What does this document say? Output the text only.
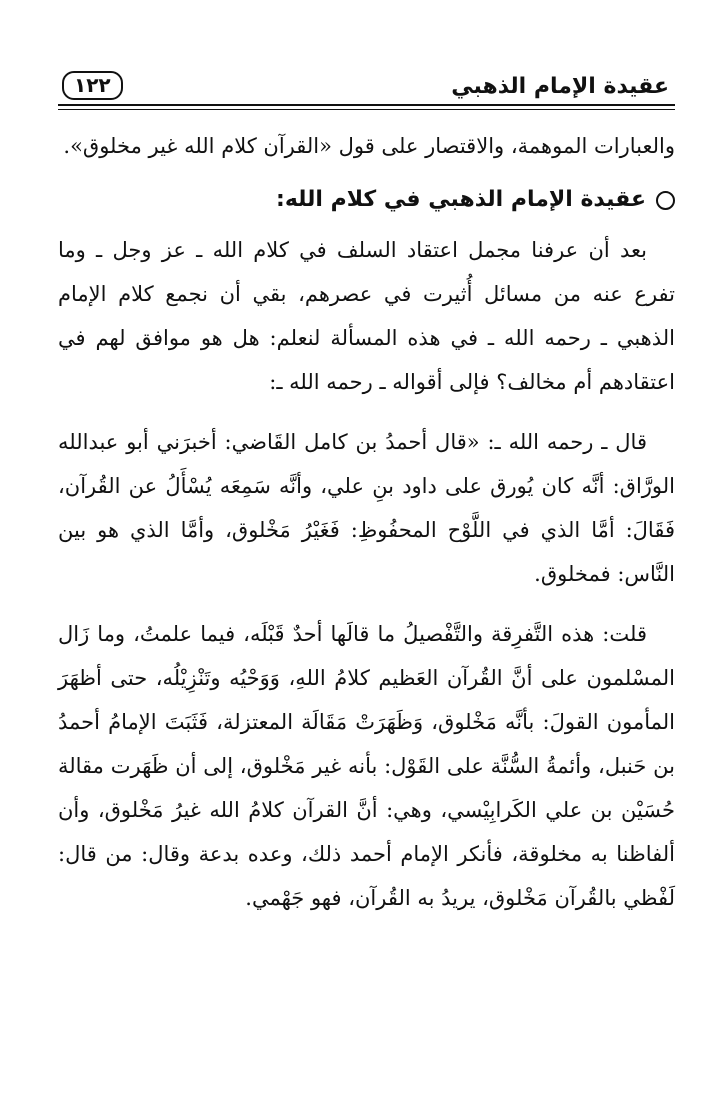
عقيدة الإمام الذهبي
١٢٢

والعبارات الموهمة، والاقتصار على قول «القرآن كلام الله غير مخلوق».

عقيدة الإمام الذهبي في كلام الله:

بعد أن عرفنا مجمل اعتقاد السلف في كلام الله ـ عز وجل ـ وما تفرع عنه من مسائل أُثيرت في عصرهم، بقي أن نجمع كلام الإمام الذهبي ـ رحمه الله ـ في هذه المسألة لنعلم: هل هو موافق لهم في اعتقادهم أم مخالف؟ فإلى أقواله ـ رحمه الله ـ:

قال ـ رحمه الله ـ: «قال أحمدُ بن كامل القَاضي: أخبرَني أبو عبدالله الورَّاق: أنَّه كان يُورق على داود بنِ علي، وأنَّه سَمِعَه يُسْأَلُ عن القُرآن، فَقَالَ: أمَّا الذي في اللَّوْح المحفُوظِ: فَغَيْرُ مَخْلوق، وأمَّا الذي هو بين النَّاس: فمخلوق.

قلت: هذه التَّفرِقة والتَّفْصيلُ ما قالَها أحدٌ قَبْلَه، فيما علمتُ، وما زَال المسْلمون على أنَّ القُرآن العَظيم كلامُ اللهِ، وَوَحْيُه وتَنْزِيْلُه، حتى أظهَرَ المأمون القولَ: بأنَّه مَخْلوق، وَظَهَرَتْ مَقَالَة المعتزلة، فَثَبَتَ الإمامُ أحمدُ بن حَنبل، وأئمةُ السُّنَّة على القَوْل: بأنه غير مَخْلوق، إلى أن ظَهَرت مقالة حُسَيْن بن علي الكَرابِيْسي، وهي: أنَّ القرآن كلامُ الله غيرُ مَخْلوق، وأن ألفاظنا به مخلوقة، فأنكر الإمام أحمد ذلك، وعده بدعة وقال: من قال: لَفْظي بالقُرآن مَخْلوق، يريدُ به القُرآن، فهو جَهْمي.
